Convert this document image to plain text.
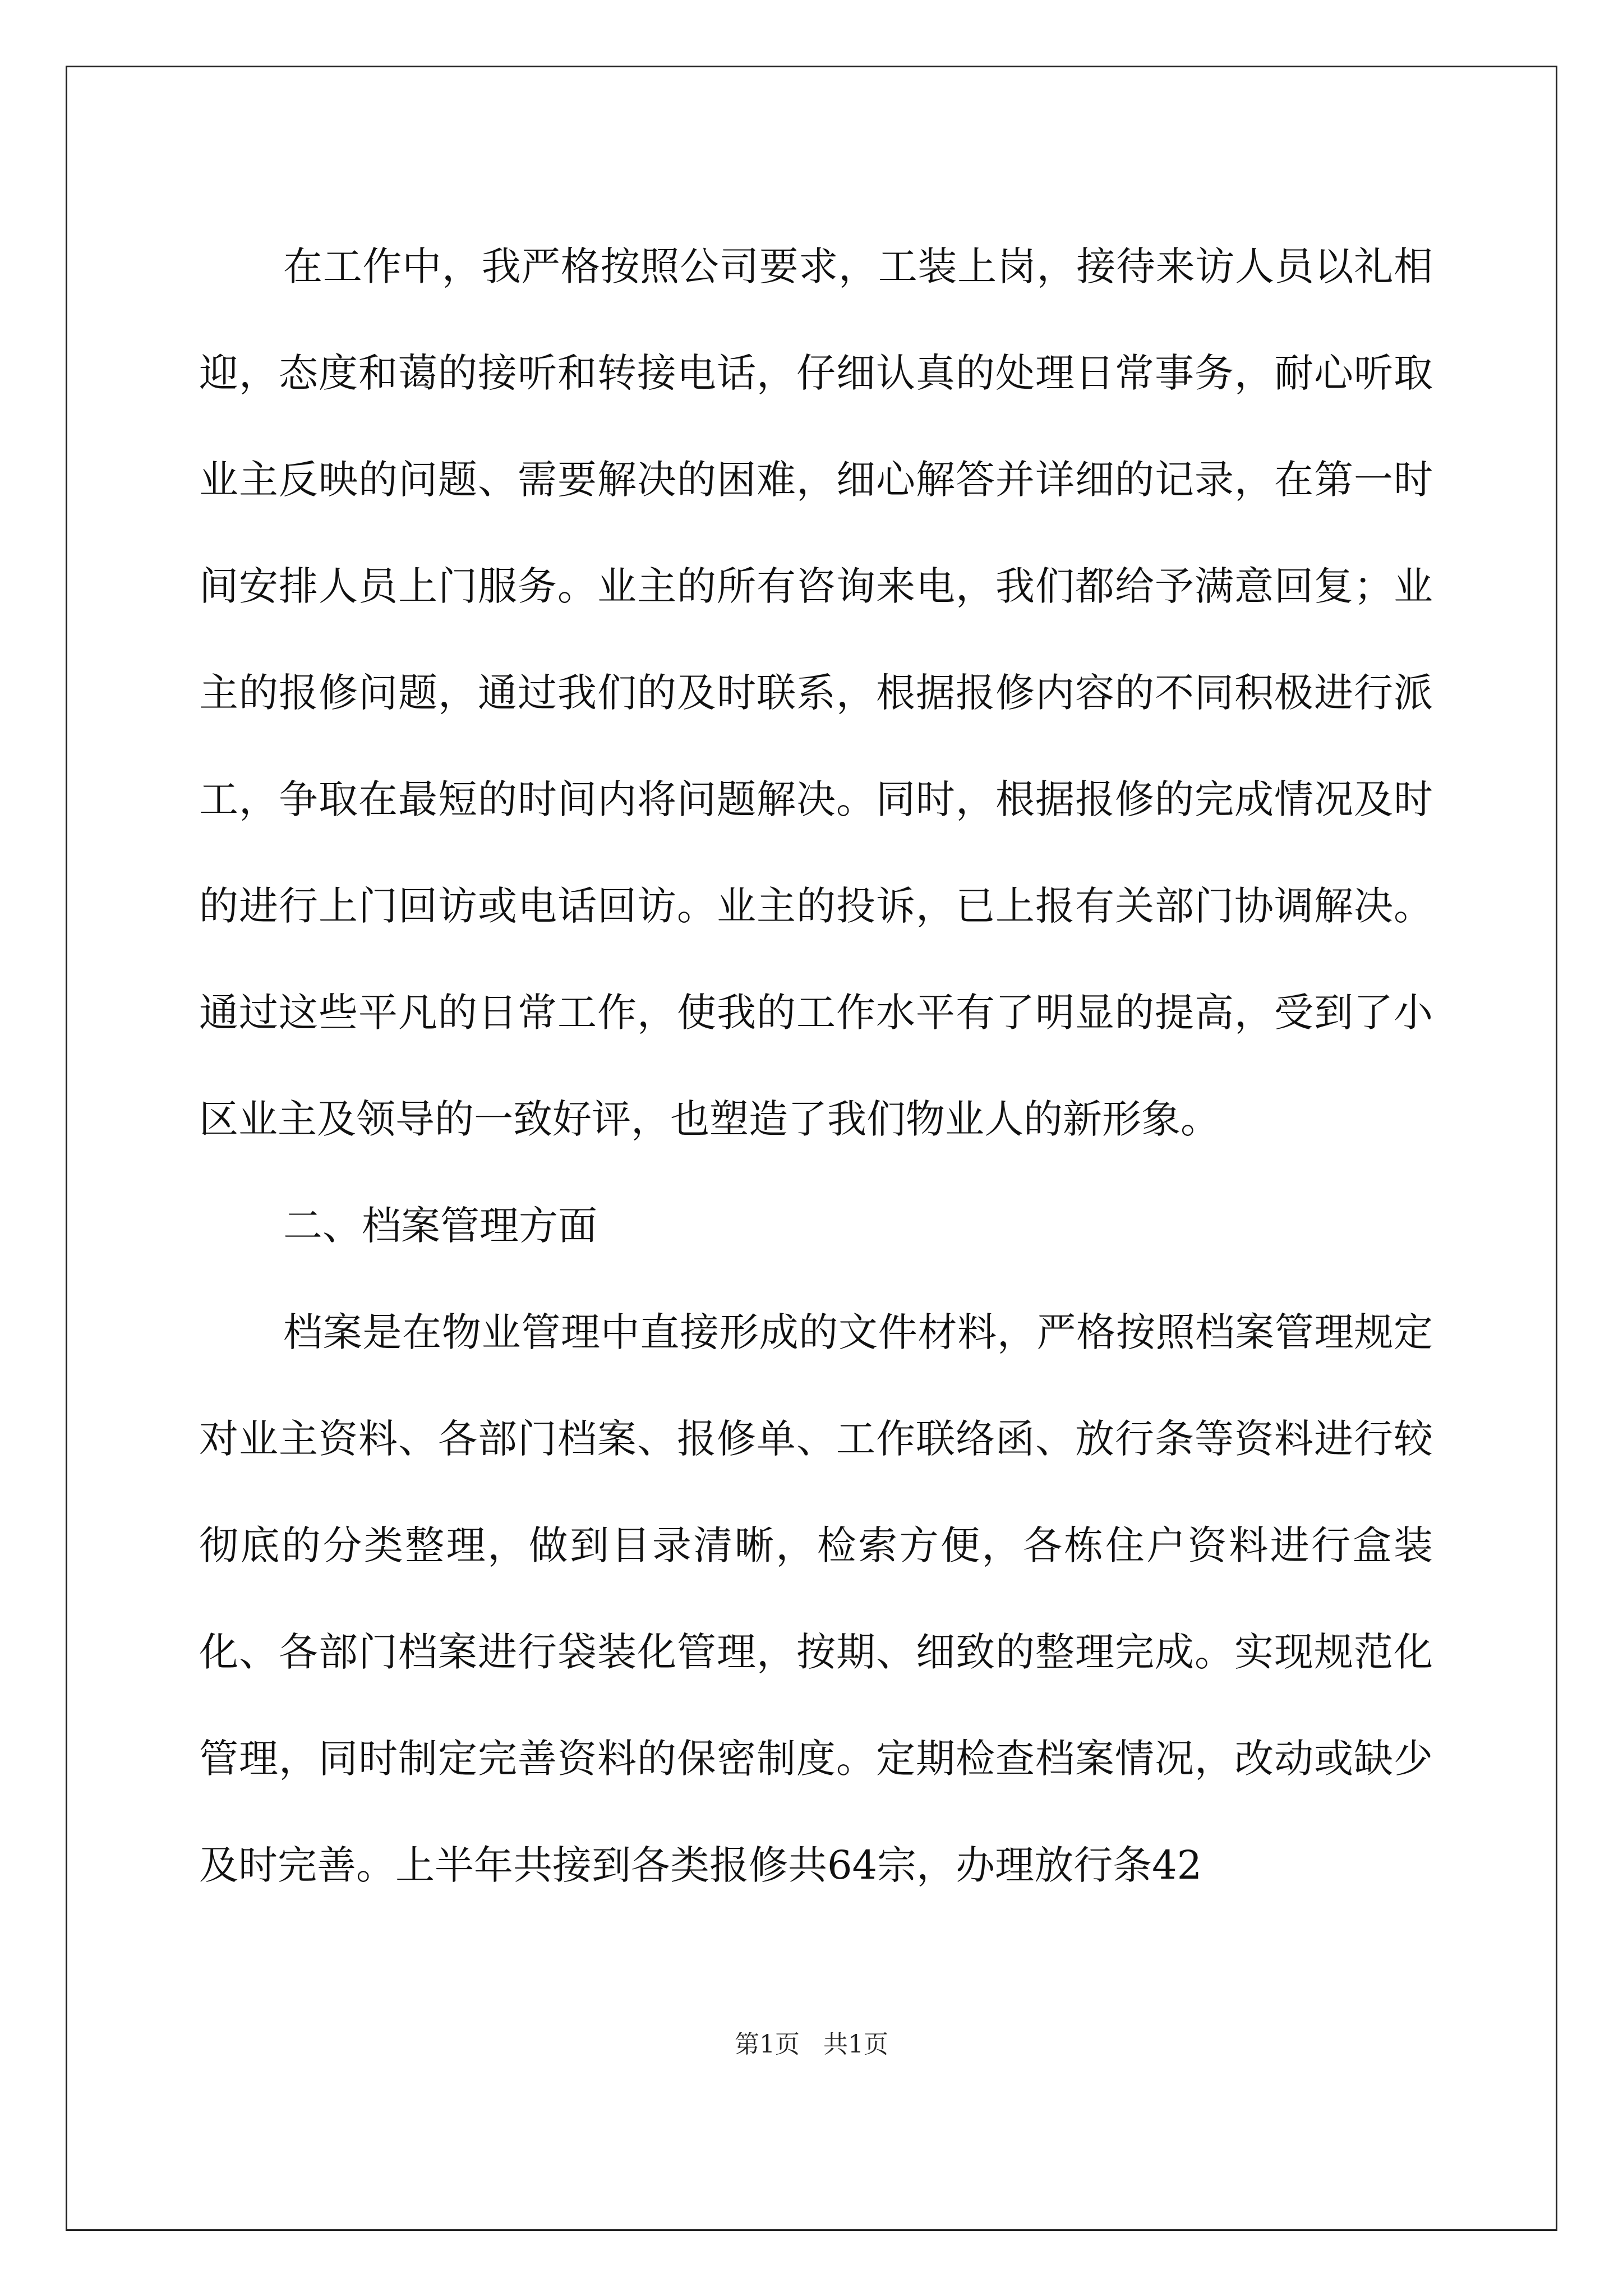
在工作中，我严格按照公司要求，工装上岗，接待来访人员以礼相迎，态度和蔼的接听和转接电话，仔细认真的处理日常事务，耐心听取业主反映的问题、需要解决的困难，细心解答并详细的记录，在第一时间安排人员上门服务。业主的所有咨询来电，我们都给予满意回复；业主的报修问题，通过我们的及时联系，根据报修内容的不同积极进行派工，争取在最短的时间内将问题解决。同时，根据报修的完成情况及时的进行上门回访或电话回访。业主的投诉，已上报有关部门协调解决。通过这些平凡的日常工作，使我的工作水平有了明显的提高，受到了小区业主及领导的一致好评，也塑造了我们物业人的新形象。

二、档案管理方面

档案是在物业管理中直接形成的文件材料，严格按照档案管理规定对业主资料、各部门档案、报修单、工作联络函、放行条等资料进行较彻底的分类整理，做到目录清晰，检索方便，各栋住户资料进行盒装化、各部门档案进行袋装化管理，按期、细致的整理完成。实现规范化管理，同时制定完善资料的保密制度。定期检查档案情况，改动或缺少及时完善。上半年共接到各类报修共64宗，办理放行条42

第1页   共1页
